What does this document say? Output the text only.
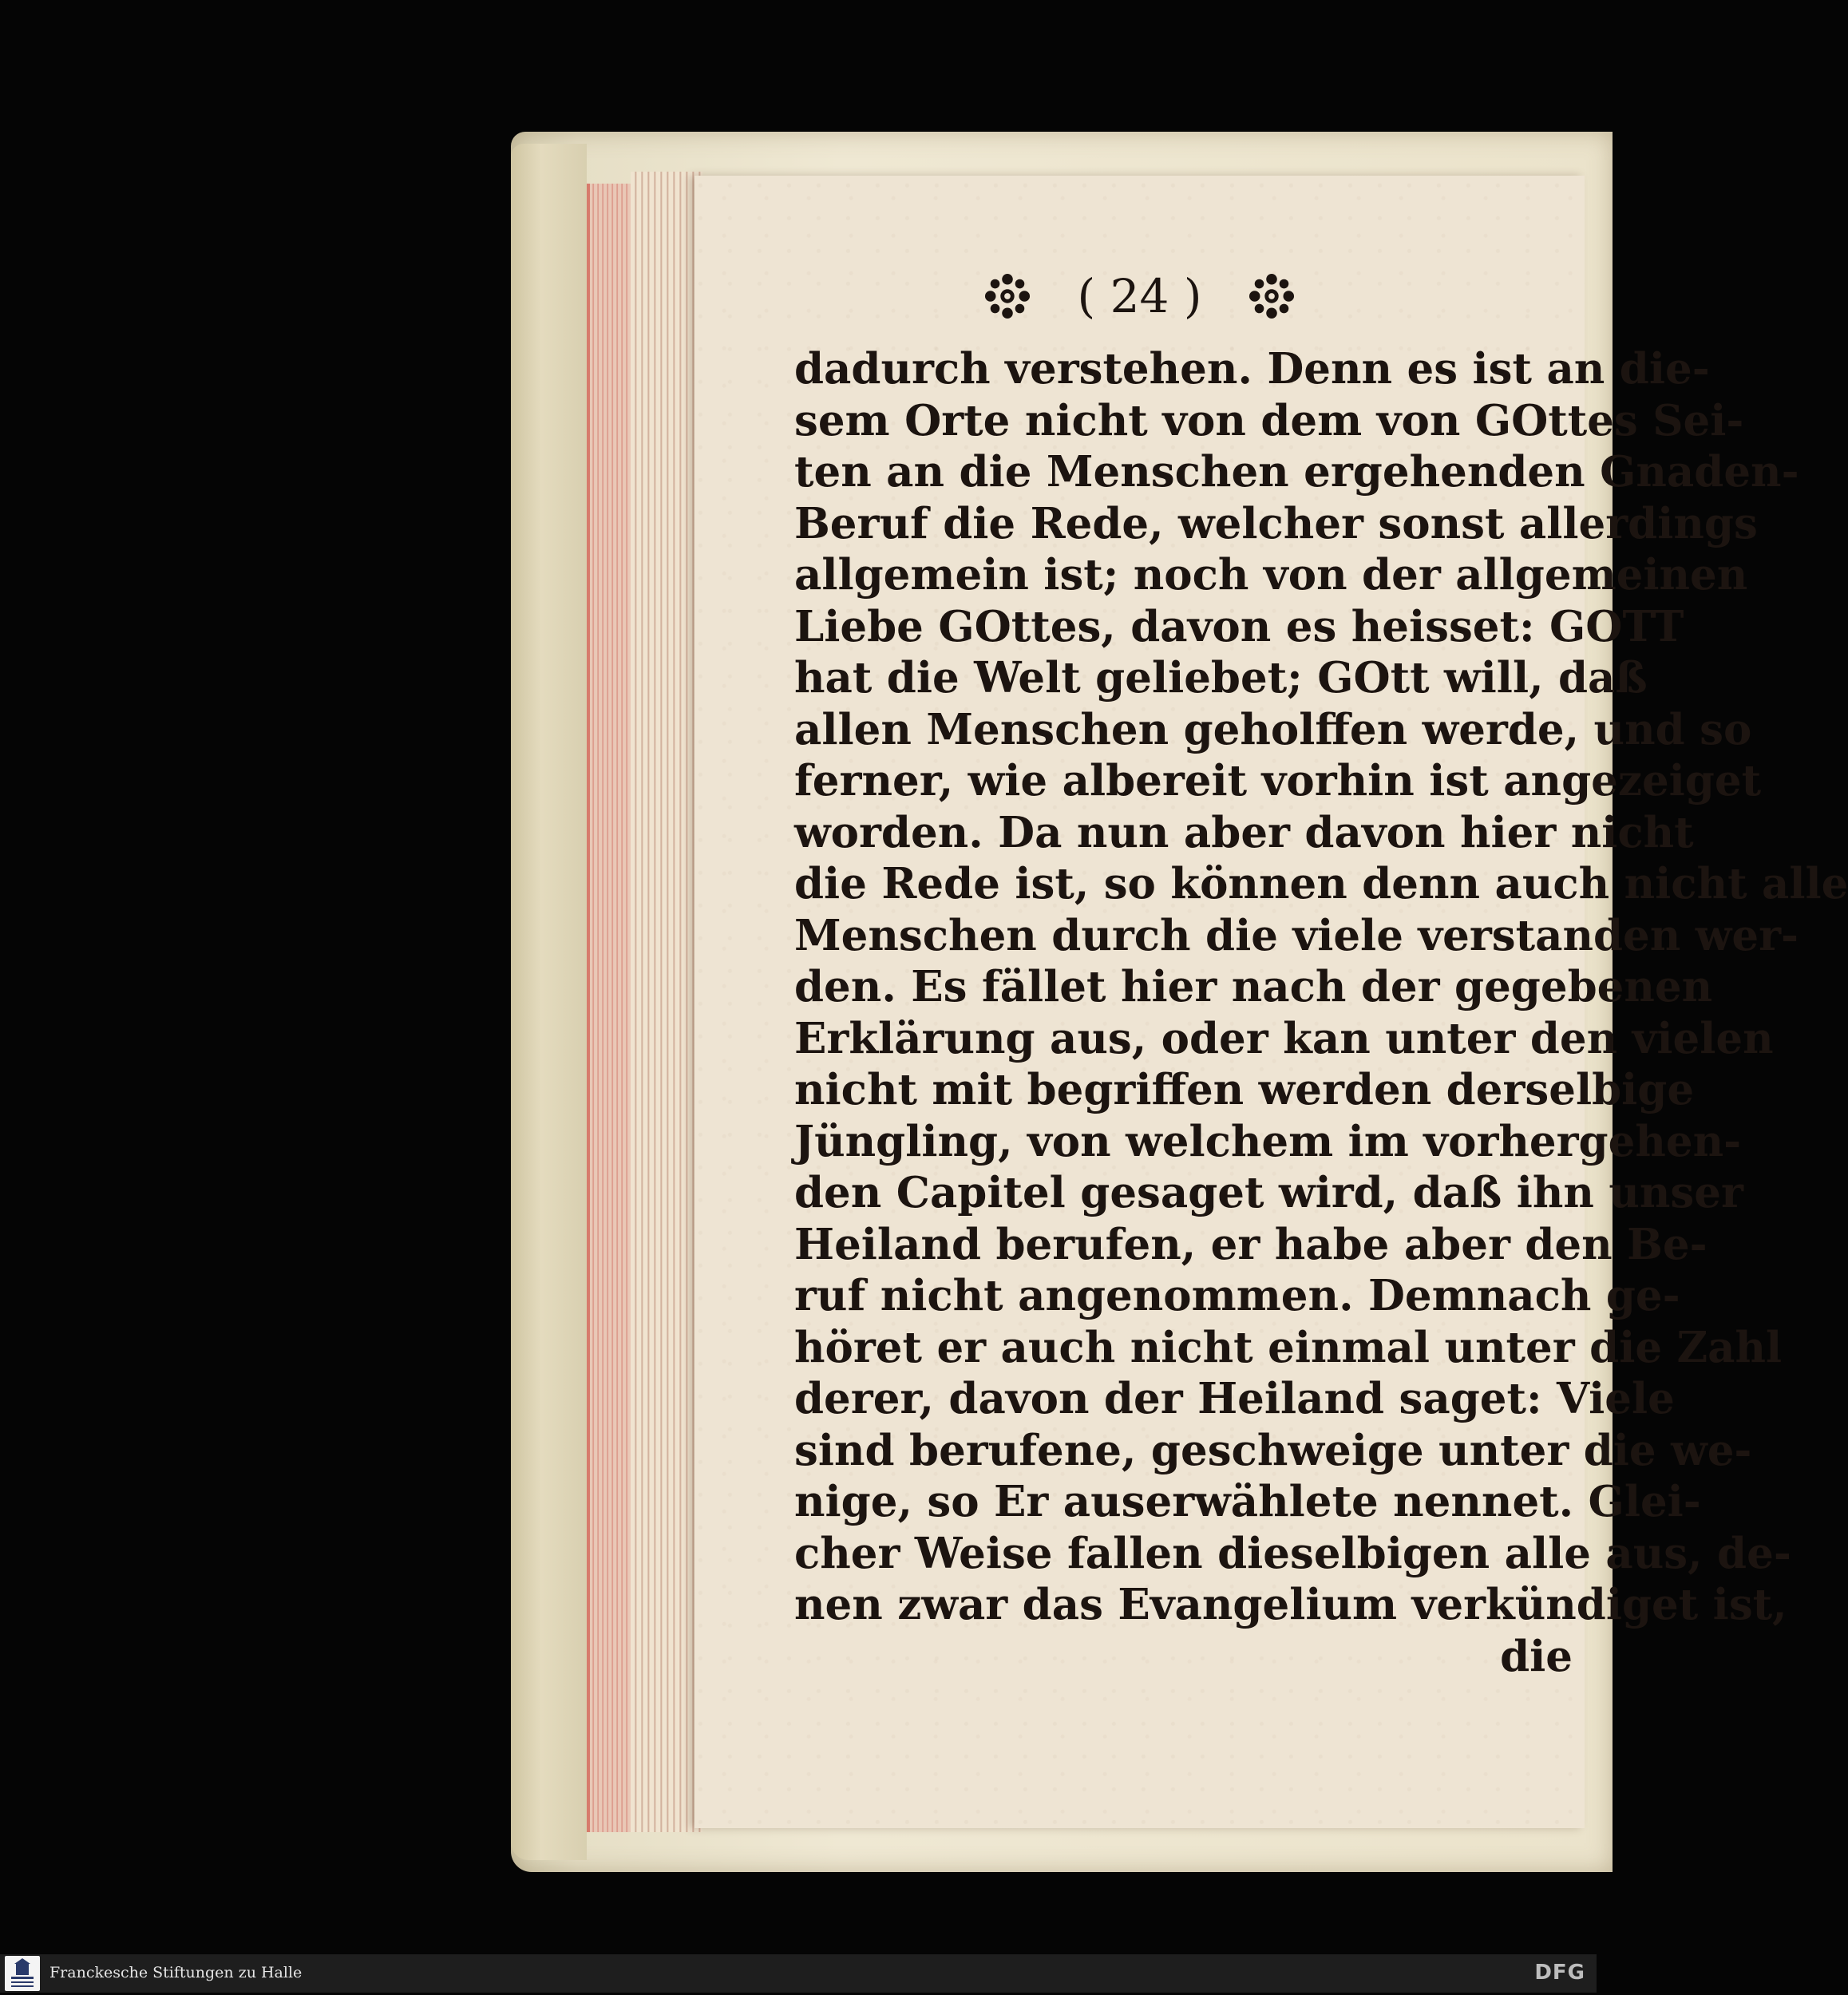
( 24 )
dadurch verstehen. Denn es ist an die-
sem Orte nicht von dem von GOttes Sei-
ten an die Menschen ergehenden Gnaden-
Beruf die Rede, welcher sonst allerdings
allgemein ist; noch von der allgemeinen
Liebe GOttes, davon es heisset: GOTT
hat die Welt geliebet; GOtt will, daß
allen Menschen geholffen werde, und so
ferner, wie albereit vorhin ist angezeiget
worden. Da nun aber davon hier nicht
die Rede ist, so können denn auch nicht alle
Menschen durch die viele verstanden wer-
den. Es fället hier nach der gegebenen
Erklärung aus, oder kan unter den vielen
nicht mit begriffen werden derselbige
Jüngling, von welchem im vorhergehen-
den Capitel gesaget wird, daß ihn unser
Heiland berufen, er habe aber den Be-
ruf nicht angenommen. Demnach ge-
höret er auch nicht einmal unter die Zahl
derer, davon der Heiland saget: Viele
sind berufene, geschweige unter die we-
nige, so Er auserwählete nennet. Glei-
cher Weise fallen dieselbigen alle aus, de-
nen zwar das Evangelium verkündiget ist,
die
Franckesche Stiftungen zu Halle	DFG
